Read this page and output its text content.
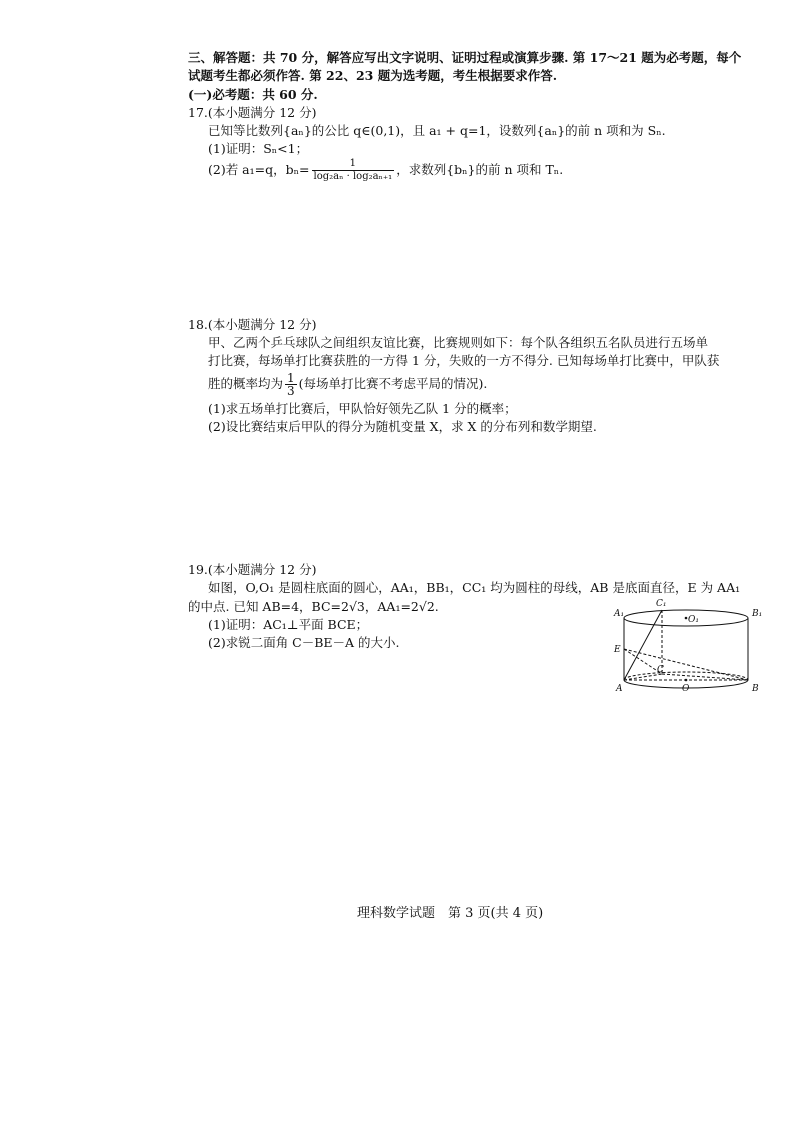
三、解答题：共 70 分，解答应写出文字说明、证明过程或演算步骤. 第 17～21 题为必考题，每个
试题考生都必须作答. 第 22、23 题为选考题，考生根据要求作答.
(一)必考题：共 60 分.
17.(本小题满分 12 分)
已知等比数列{aₙ}的公比 q∈(0,1)，且 a₁ + q=1，设数列{aₙ}的前 n 项和为 Sₙ.
(1)证明：Sₙ<1；
(2)若 a₁=q，$b_n= \frac{1}{\text{log₂aₙ · log₂aₙ₊₁}}$ ，求数列{bₙ}的前 n 项和 Tₙ.
18.(本小题满分 12 分)
甲、乙两个乒乓球队之间组织友谊比赛，比赛规则如下：每个队各组织五名队员进行五场单
打比赛，每场单打比赛获胜的一方得 1 分，失败的一方不得分. 已知每场单打比赛中，甲队获
胜的概率均为 $\frac{1}{3}$ (每场单打比赛不考虑平局的情况).
(1)求五场单打比赛后，甲队恰好领先乙队 1 分的概率；
(2)设比赛结束后甲队的得分为随机变量 X，求 X 的分布列和数学期望.
19.(本小题满分 12 分)
如图，O,O₁ 是圆柱底面的圆心，AA₁，BB₁，CC₁ 均为圆柱的母线，AB 是底面直径，E 为 AA₁
的中点. 已知 AB=4，BC=2√3，AA₁=2√2.
(1)证明：AC₁⊥平面 BCE；
(2)求锐二面角 C－BE－A 的大小.
A₁
C₁
O₁
B₁
E
C
A	O	B
理科数学试题　第 3 页(共 4 页)
